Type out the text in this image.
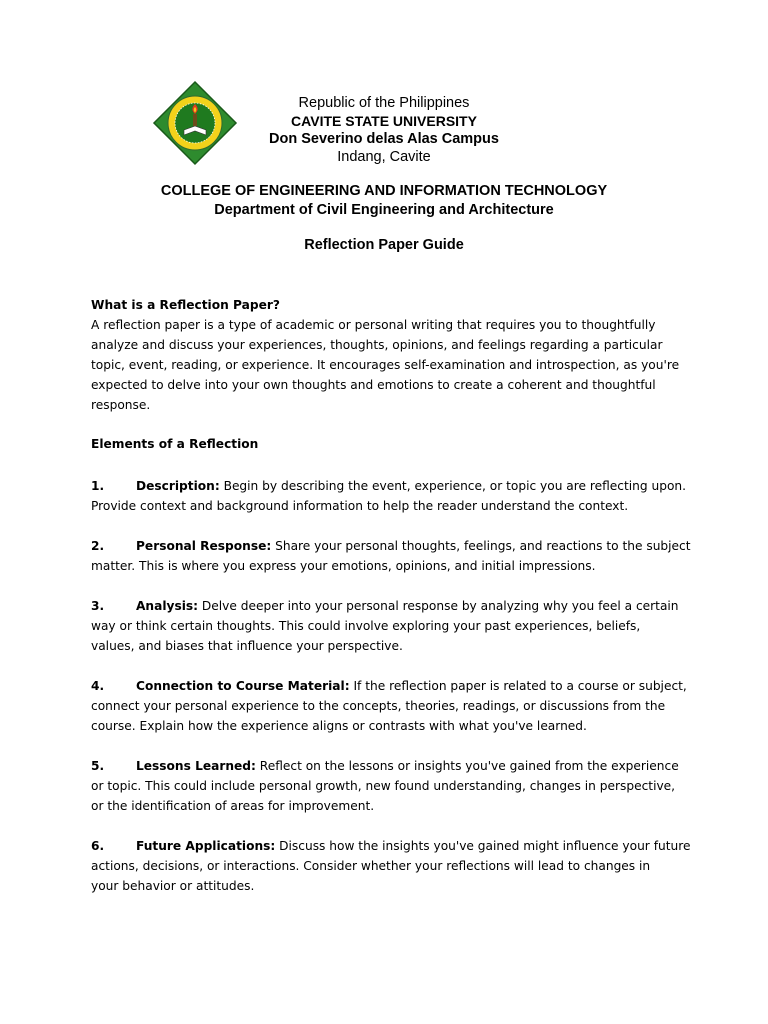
Republic of the Philippines
CAVITE STATE UNIVERSITY
Don Severino delas Alas Campus
Indang, Cavite
COLLEGE OF ENGINEERING AND INFORMATION TECHNOLOGY
Department of Civil Engineering and Architecture
Reflection Paper Guide

What is a Reflection Paper?

A reflection paper is a type of academic or personal writing that requires you to thoughtfully

analyze and discuss your experiences, thoughts, opinions, and feelings regarding a particular

topic, event, reading, or experience. It encourages self-examination and introspection, as you're

expected to delve into your own thoughts and emotions to create a coherent and thoughtful

response.

Elements of a Reflection

1.	Description: Begin by describing the event, experience, or topic you are reflecting upon.

Provide context and background information to help the reader understand the context.

2.	Personal Response: Share your personal thoughts, feelings, and reactions to the subject

matter. This is where you express your emotions, opinions, and initial impressions.

3.	Analysis: Delve deeper into your personal response by analyzing why you feel a certain

way or think certain thoughts. This could involve exploring your past experiences, beliefs,

values, and biases that influence your perspective.

4.	Connection to Course Material: If the reflection paper is related to a course or subject,

connect your personal experience to the concepts, theories, readings, or discussions from the

course. Explain how the experience aligns or contrasts with what you've learned.

5.	Lessons Learned: Reflect on the lessons or insights you've gained from the experience

or topic. This could include personal growth, new found understanding, changes in perspective,

or the identification of areas for improvement.

6.	Future Applications: Discuss how the insights you've gained might influence your future

actions, decisions, or interactions. Consider whether your reflections will lead to changes in

your behavior or attitudes.
